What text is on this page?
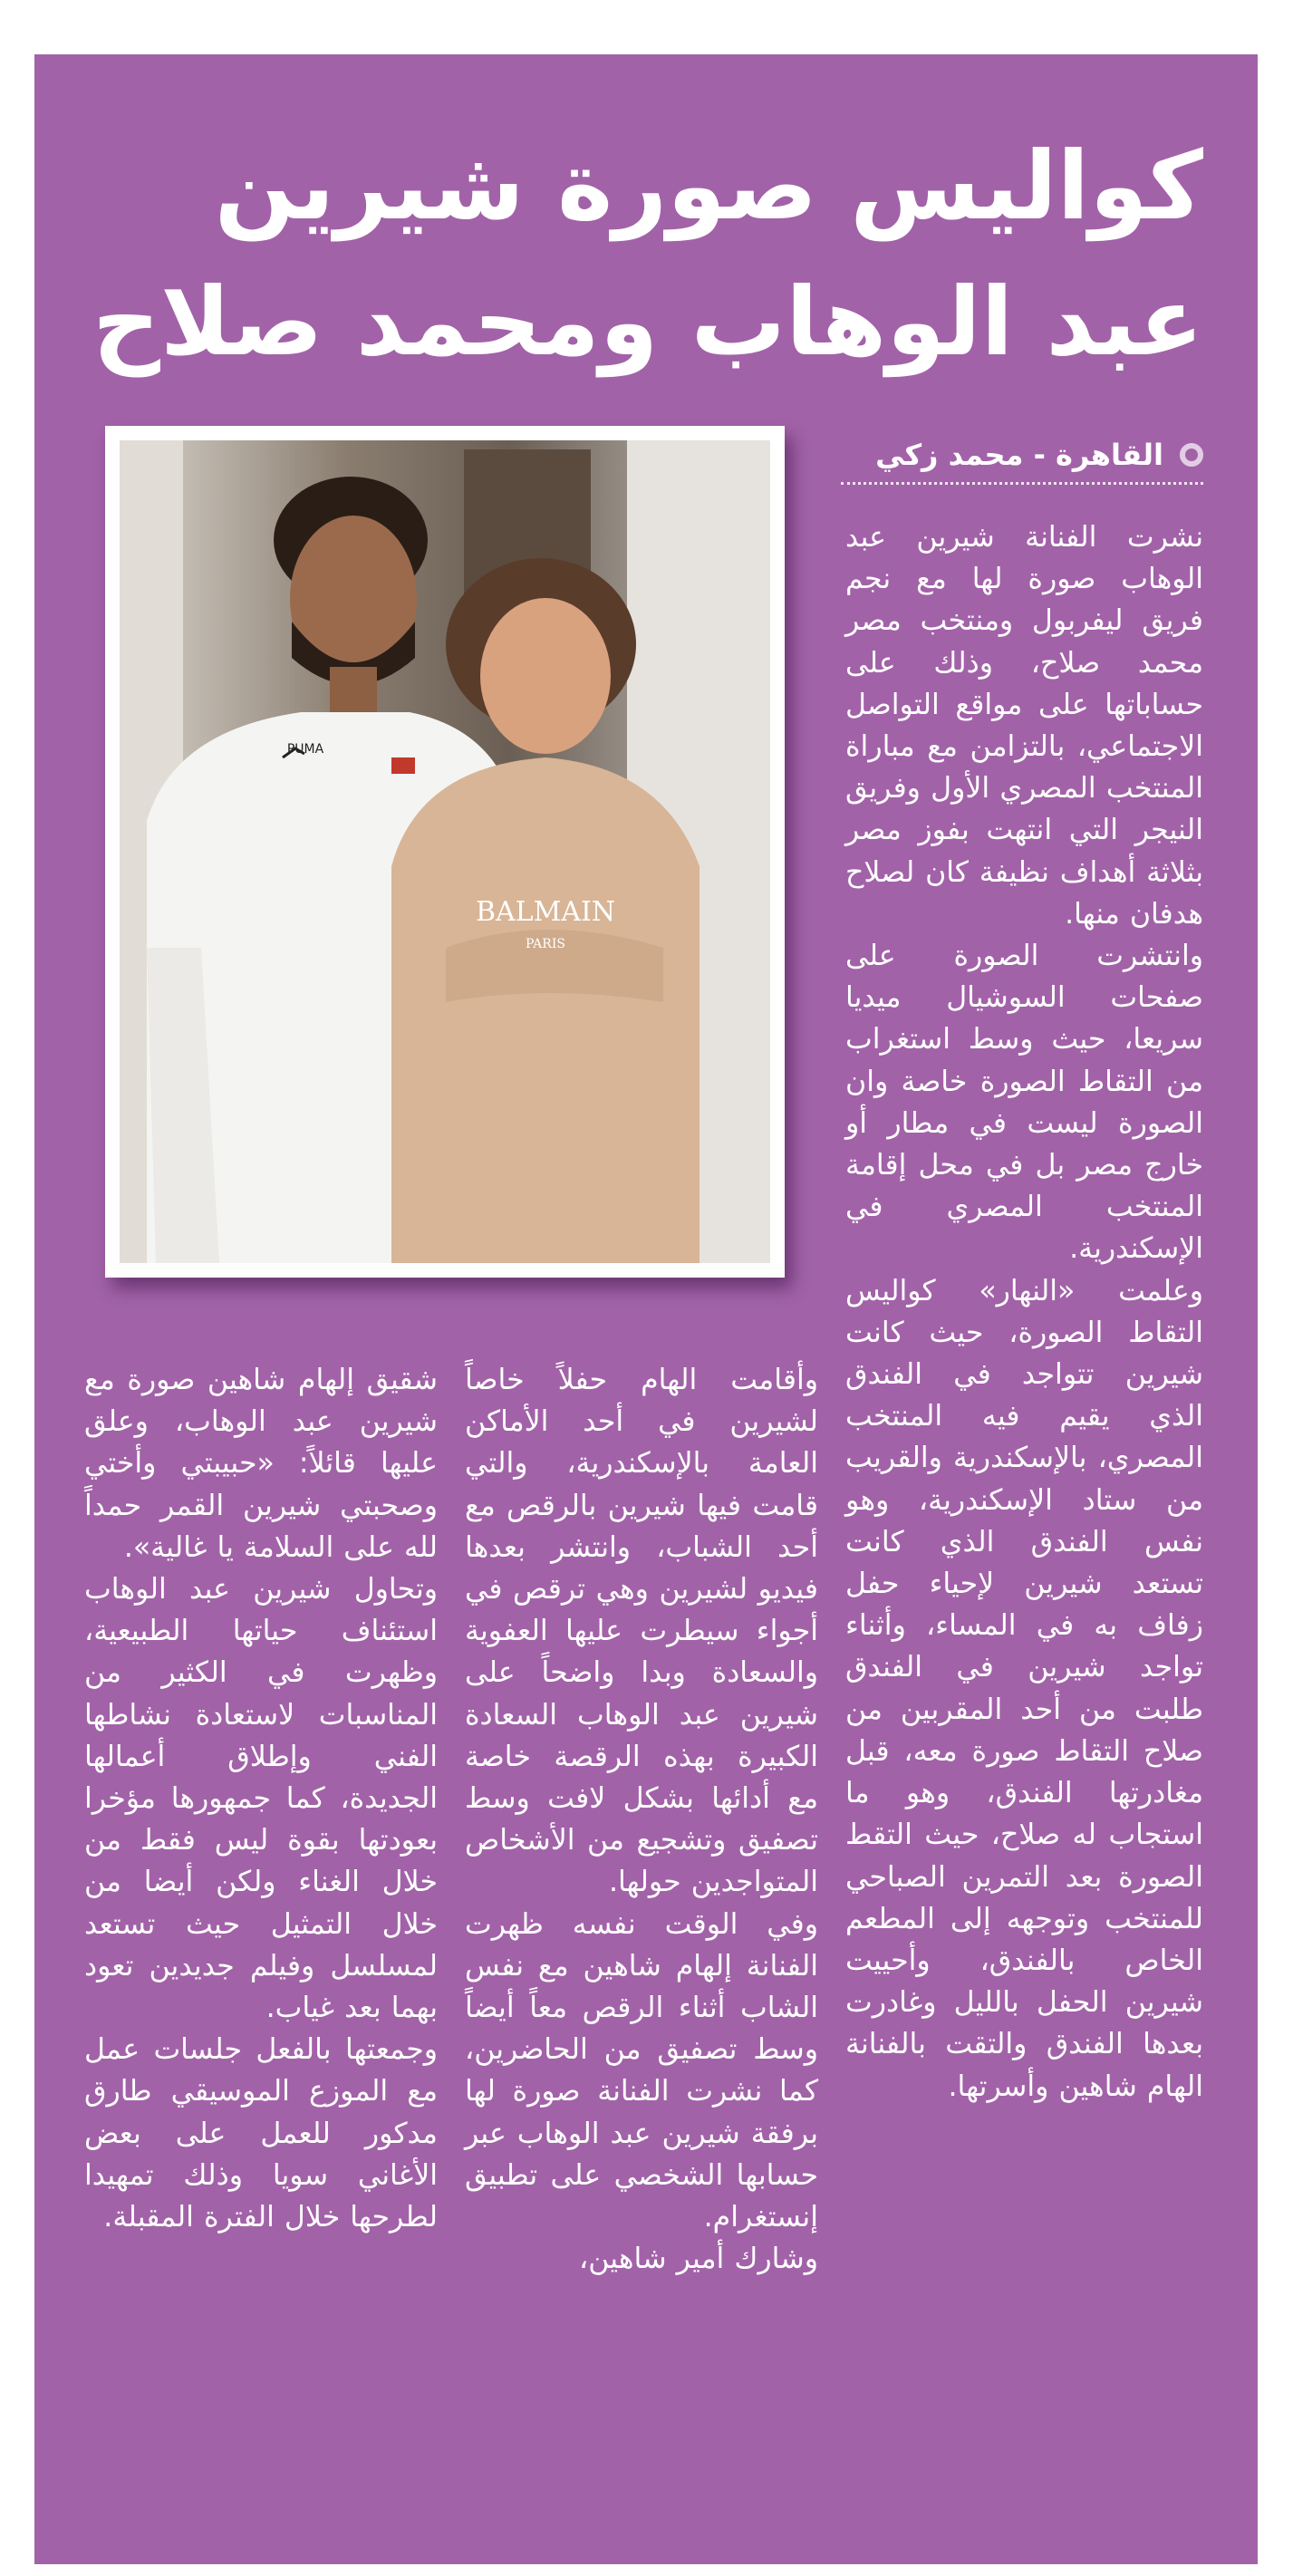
كواليس صورة شيرين عبد الوهاب ومحمد صلاح
القاهرة - محمد زكي
BALMAIN
PARIS
PUMA

نشرت الفنانة شيرين عبد الوهاب صورة لها مع نجم فريق ليفربول ومنتخب مصر محمد صلاح، وذلك على حساباتها على مواقع التواصل الاجتماعي، بالتزامن مع مباراة المنتخب المصري الأول وفريق النيجر التي انتهت بفوز مصر بثلاثة أهداف نظيفة كان لصلاح هدفان منها.

وانتشرت الصورة على صفحات السوشيال ميديا سريعا، حيث وسط استغراب من التقاط الصورة خاصة وان الصورة ليست في مطار أو خارج مصر بل في محل إقامة المنتخب المصري في الإسكندرية.

وعلمت «النهار» كواليس التقاط الصورة، حيث كانت شيرين تتواجد في الفندق الذي يقيم فيه المنتخب المصري، بالإسكندرية والقريب من ستاد الإسكندرية، وهو نفس الفندق الذي كانت تستعد شيرين لإحياء حفل زفاف به في المساء، وأثناء تواجد شيرين في الفندق طلبت من أحد المقربين من صلاح التقاط صورة معه، قبل مغادرتها الفندق، وهو ما استجاب له صلاح، حيث التقط الصورة بعد التمرين الصباحي للمنتخب وتوجهه إلى المطعم الخاص بالفندق، وأحييت شيرين الحفل بالليل وغادرت بعدها الفندق والتقت بالفنانة الهام شاهين وأسرتها.

وأقامت الهام حفلاً خاصاً لشيرين في أحد الأماكن العامة بالإسكندرية، والتي قامت فيها شيرين بالرقص مع أحد الشباب، وانتشر بعدها فيديو لشيرين وهي ترقص في أجواء سيطرت عليها العفوية والسعادة وبدا واضحاً على شيرين عبد الوهاب السعادة الكبيرة بهذه الرقصة خاصة مع أدائها بشكل لافت وسط تصفيق وتشجيع من الأشخاص المتواجدين حولها.

وفي الوقت نفسه ظهرت الفنانة إلهام شاهين مع نفس الشاب أثناء الرقص معاً أيضاً وسط تصفيق من الحاضرين، كما نشرت الفنانة صورة لها برفقة شيرين عبد الوهاب عبر حسابها الشخصي على تطبيق إنستغرام.

وشارك أمير شاهين،

شقيق إلهام شاهين صورة مع شيرين عبد الوهاب، وعلق عليها قائلاً: «حبيبتي وأختي وصحبتي شيرين القمر حمداً لله على السلامة يا غالية».

وتحاول شيرين عبد الوهاب استئناف حياتها الطبيعية، وظهرت في الكثير من المناسبات لاستعادة نشاطها الفني وإطلاق أعمالها الجديدة، كما جمهورها مؤخرا بعودتها بقوة ليس فقط من خلال الغناء ولكن أيضا من خلال التمثيل حيث تستعد لمسلسل وفيلم جديدين تعود بهما بعد غياب.

وجمعتها بالفعل جلسات عمل مع الموزع الموسيقي طارق مدكور للعمل على بعض الأغاني سويا وذلك تمهيدا لطرحها خلال الفترة المقبلة.
